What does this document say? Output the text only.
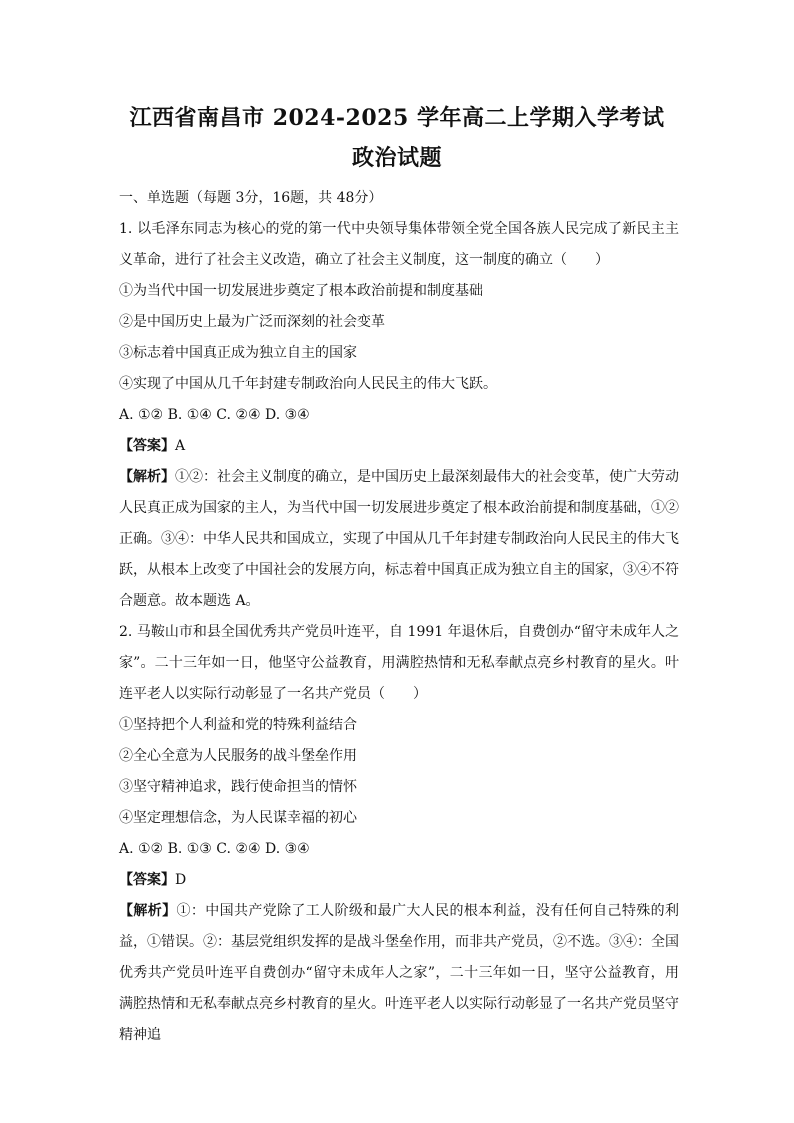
江西省南昌市 2024-2025 学年高二上学期入学考试
政治试题

一、单选题（每题 3分，16题，共 48分）

1. 以毛泽东同志为核心的党的第一代中央领导集体带领全党全国各族人民完成了新民主主义革命，进行了社会主义改造，确立了社会主义制度，这一制度的确立（　　）

①为当代中国一切发展进步奠定了根本政治前提和制度基础

②是中国历史上最为广泛而深刻的社会变革

③标志着中国真正成为独立自主的国家

④实现了中国从几千年封建专制政治向人民民主的伟大飞跃。

A. ①② B. ①④ C. ②④ D. ③④

【答案】A

【解析】①②：社会主义制度的确立，是中国历史上最深刻最伟大的社会变革，使广大劳动人民真正成为国家的主人，为当代中国一切发展进步奠定了根本政治前提和制度基础，①②正确。③④：中华人民共和国成立，实现了中国从几千年封建专制政治向人民民主的伟大飞跃，从根本上改变了中国社会的发展方向，标志着中国真正成为独立自主的国家，③④不符合题意。故本题选 A。

2. 马鞍山市和县全国优秀共产党员叶连平，自 1991 年退休后，自费创办“留守未成年人之家”。二十三年如一日，他坚守公益教育，用满腔热情和无私奉献点亮乡村教育的星火。叶连平老人以实际行动彰显了一名共产党员（　　）

①坚持把个人利益和党的特殊利益结合

②全心全意为人民服务的战斗堡垒作用

③坚守精神追求，践行使命担当的情怀

④坚定理想信念，为人民谋幸福的初心

A. ①② B. ①③ C. ②④ D. ③④

【答案】D

【解析】①：中国共产党除了工人阶级和最广大人民的根本利益，没有任何自己特殊的利益，①错误。②：基层党组织发挥的是战斗堡垒作用，而非共产党员，②不选。③④：全国优秀共产党员叶连平自费创办“留守未成年人之家”，二十三年如一日，坚守公益教育，用满腔热情和无私奉献点亮乡村教育的星火。叶连平老人以实际行动彰显了一名共产党员坚守精神追
